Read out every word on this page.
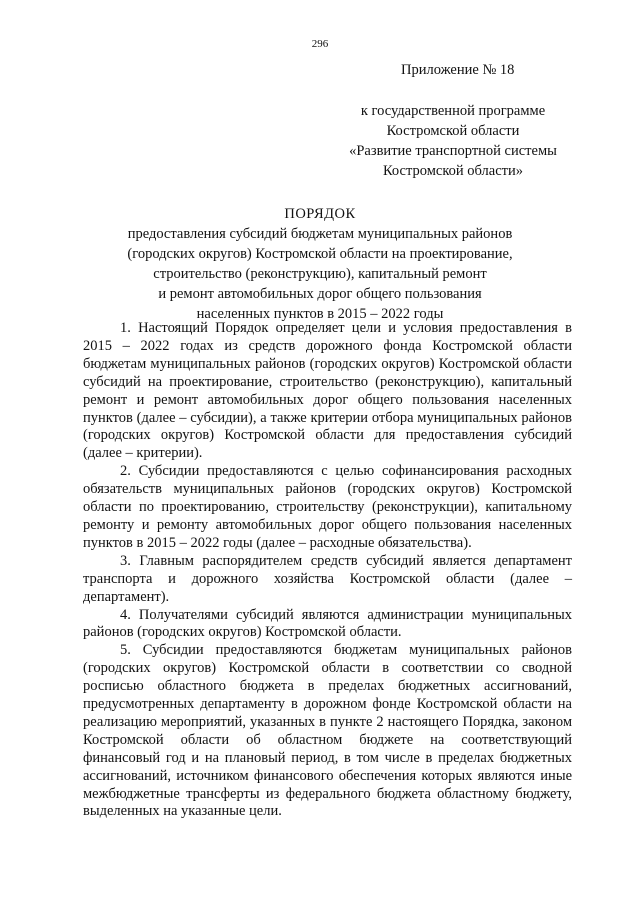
296
Приложение № 18
к государственной программе
Костромской области
«Развитие транспортной системы
Костромской области»
ПОРЯДОК
предоставления субсидий бюджетам муниципальных районов
(городских округов) Костромской области на проектирование,
строительство (реконструкцию), капитальный ремонт
и ремонт автомобильных дорог общего пользования
населенных пунктов в 2015 – 2022 годы

1. Настоящий Порядок определяет цели и условия предоставления в 2015 – 2022 годах из средств дорожного фонда Костромской области бюджетам муниципальных районов (городских округов) Костромской области субсидий на проектирование, строительство (реконструкцию), капитальный ремонт и ремонт автомобильных дорог общего пользования населенных пунктов (далее – субсидии), а также критерии отбора муниципальных районов (городских округов) Костромской области для предоставления субсидий (далее – критерии).

2. Субсидии предоставляются с целью софинансирования расходных обязательств муниципальных районов (городских округов) Костромской области по проектированию, строительству (реконструкции), капитальному ремонту и ремонту автомобильных дорог общего пользования населенных пунктов в 2015 – 2022 годы (далее – расходные обязательства).

3. Главным распорядителем средств субсидий является департамент транспорта и дорожного хозяйства Костромской области (далее – департамент).

4. Получателями субсидий являются администрации муниципальных районов (городских округов) Костромской области.

5. Субсидии предоставляются бюджетам муниципальных районов (городских округов) Костромской области в соответствии со сводной росписью областного бюджета в пределах бюджетных ассигнований, предусмотренных департаменту в дорожном фонде Костромской области на реализацию мероприятий, указанных в пункте 2 настоящего Порядка, законом Костромской области об областном бюджете на соответствующий финансовый год и на плановый период, в том числе в пределах бюджетных ассигнований, источником финансового обеспечения которых являются иные межбюджетные трансферты из федерального бюджета областному бюджету, выделенных на указанные цели.
